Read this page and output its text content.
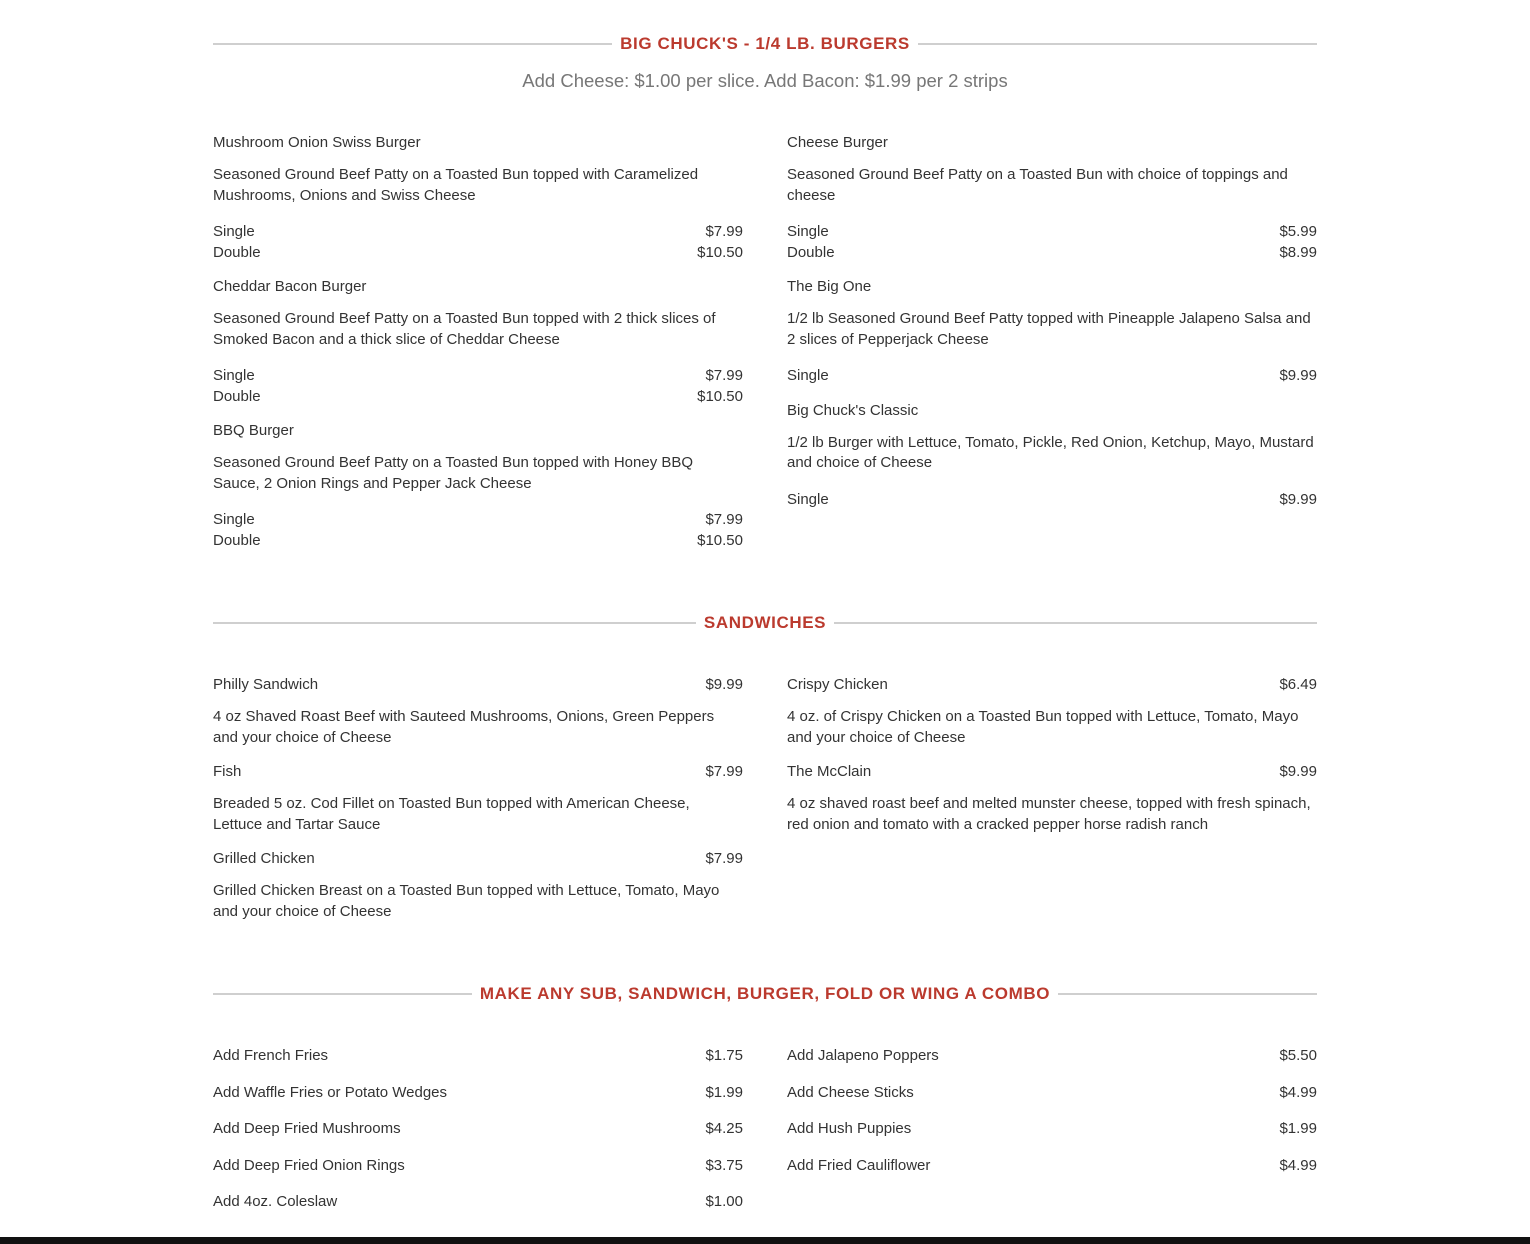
BIG CHUCK'S - 1/4 LB. BURGERS
Add Cheese: $1.00 per slice. Add Bacon: $1.99 per 2 strips
Mushroom Onion Swiss Burger
Seasoned Ground Beef Patty on a Toasted Bun topped with Caramelized Mushrooms, Onions and Swiss Cheese
Single	$7.99
Double	$10.50
Cheddar Bacon Burger
Seasoned Ground Beef Patty on a Toasted Bun topped with 2 thick slices of Smoked Bacon and a thick slice of Cheddar Cheese
Single	$7.99
Double	$10.50
BBQ Burger
Seasoned Ground Beef Patty on a Toasted Bun topped with Honey BBQ Sauce, 2 Onion Rings and Pepper Jack Cheese
Single	$7.99
Double	$10.50
Cheese Burger
Seasoned Ground Beef Patty on a Toasted Bun with choice of toppings and cheese
Single	$5.99
Double	$8.99
The Big One
1/2 lb Seasoned Ground Beef Patty topped with Pineapple Jalapeno Salsa and 2 slices of Pepperjack Cheese
Single	$9.99
Big Chuck's Classic
1/2 lb Burger with Lettuce, Tomato, Pickle, Red Onion, Ketchup, Mayo, Mustard and choice of Cheese
Single	$9.99
SANDWICHES
Philly Sandwich	$9.99
4 oz Shaved Roast Beef with Sauteed Mushrooms, Onions, Green Peppers and your choice of Cheese
Fish	$7.99
Breaded 5 oz. Cod Fillet on Toasted Bun topped with American Cheese, Lettuce and Tartar Sauce
Grilled Chicken	$7.99
Grilled Chicken Breast on a Toasted Bun topped with Lettuce, Tomato, Mayo and your choice of Cheese
Crispy Chicken	$6.49
4 oz. of Crispy Chicken on a Toasted Bun topped with Lettuce, Tomato, Mayo and your choice of Cheese
The McClain	$9.99
4 oz shaved roast beef and melted munster cheese, topped with fresh spinach, red onion and tomato with a cracked pepper horse radish ranch
MAKE ANY SUB, SANDWICH, BURGER, FOLD OR WING A COMBO
Add French Fries	$1.75
Add Waffle Fries or Potato Wedges	$1.99
Add Deep Fried Mushrooms	$4.25
Add Deep Fried Onion Rings	$3.75
Add 4oz. Coleslaw	$1.00
Add Jalapeno Poppers	$5.50
Add Cheese Sticks	$4.99
Add Hush Puppies	$1.99
Add Fried Cauliflower	$4.99
